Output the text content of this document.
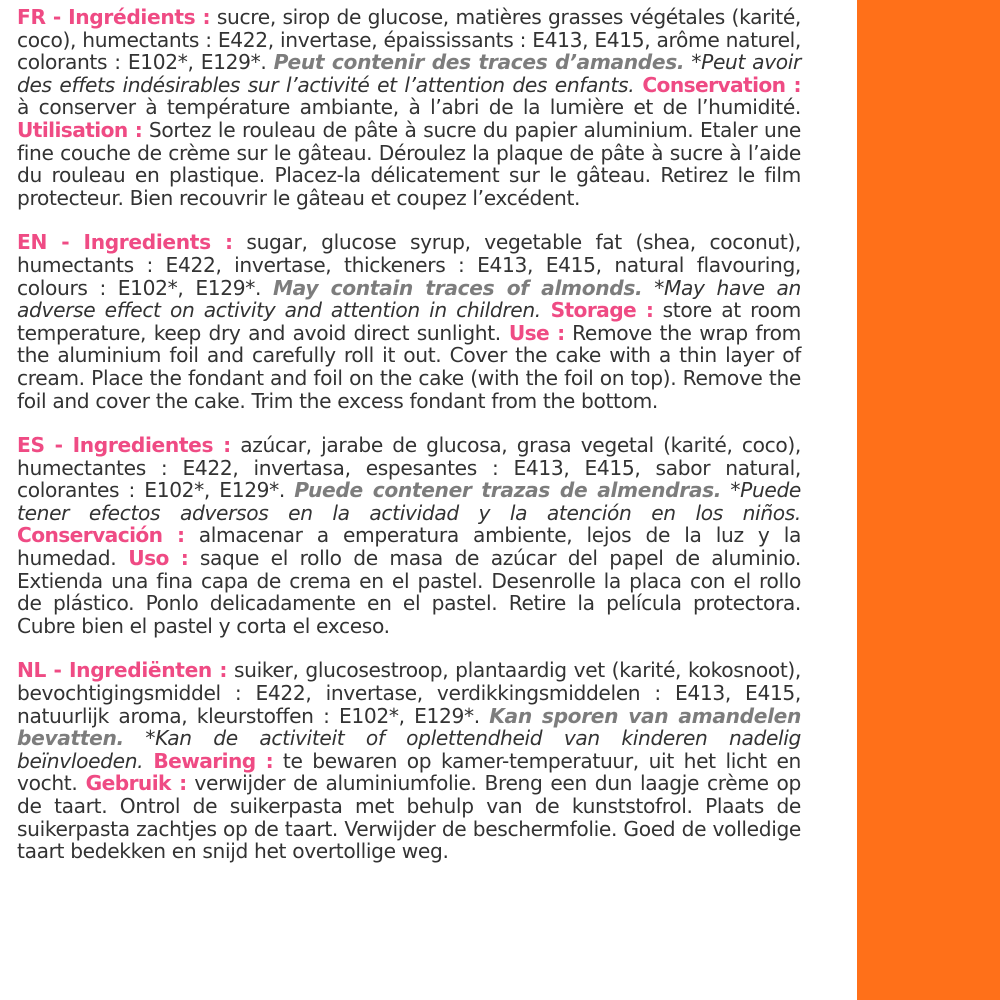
FR - Ingrédients : sucre, sirop de glucose, matières grasses végétales (karité, coco), humectants : E422, invertase, épaississants : E413, E415, arôme naturel, colorants : E102*, E129*. Peut contenir des traces d’amandes. *Peut avoir des effets indésirables sur l’activité et l’attention des enfants. Conservation : à conserver à température ambiante, à l’abri de la lumière et de l’humidité. Utilisation : Sortez le rouleau de pâte à sucre du papier aluminium. Etaler une fine couche de crème sur le gâteau. Déroulez la plaque de pâte à sucre à l’aide du rouleau en plastique. Placez-la délicatement sur le gâteau. Retirez le film protecteur. Bien recouvrir le gâteau et coupez l’excédent.

EN - Ingredients : sugar, glucose syrup, vegetable fat (shea, coconut), humectants : E422, invertase, thickeners : E413, E415, natural flavouring, colours : E102*, E129*. May contain traces of almonds. *May have an adverse effect on activity and attention in children. Storage : store at room temperature, keep dry and avoid direct sunlight. Use : Remove the wrap from the aluminium foil and carefully roll it out. Cover the cake with a thin layer of cream. Place the fondant and foil on the cake (with the foil on top). Remove the foil and cover the cake. Trim the excess fondant from the bottom.

ES - Ingredientes : azúcar, jarabe de glucosa, grasa vegetal (karité, coco), humectantes : E422, invertasa, espesantes : E413, E415, sabor natural, colorantes : E102*, E129*. Puede contener trazas de almendras. *Puede tener efectos adversos en la actividad y la atención en los niños. Conservación : almacenar a emperatura ambiente, lejos de la luz y la humedad. Uso : saque el rollo de masa de azúcar del papel de aluminio. Extienda una fina capa de crema en el pastel. Desenrolle la placa con el rollo de plástico. Ponlo delicadamente en el pastel. Retire la película protectora. Cubre bien el pastel y corta el exceso.

NL - Ingrediënten : suiker, glucosestroop, plantaardig vet (karité, kokosnoot), bevochtigingsmiddel : E422, invertase, verdikkingsmiddelen : E413, E415, natuurlijk aroma, kleurstoffen : E102*, E129*. Kan sporen van amandelen bevatten. *Kan de activiteit of oplettendheid van kinderen nadelig beïnvloeden. Bewaring : te bewaren op kamer-temperatuur, uit het licht en vocht. Gebruik : verwijder de aluminiumfolie. Breng een dun laagje crème op de taart. Ontrol de suikerpasta met behulp van de kunststofrol. Plaats de suikerpasta zachtjes op de taart. Verwijder de beschermfolie. Goed de volledige taart bedekken en snijd het overtollige weg.
